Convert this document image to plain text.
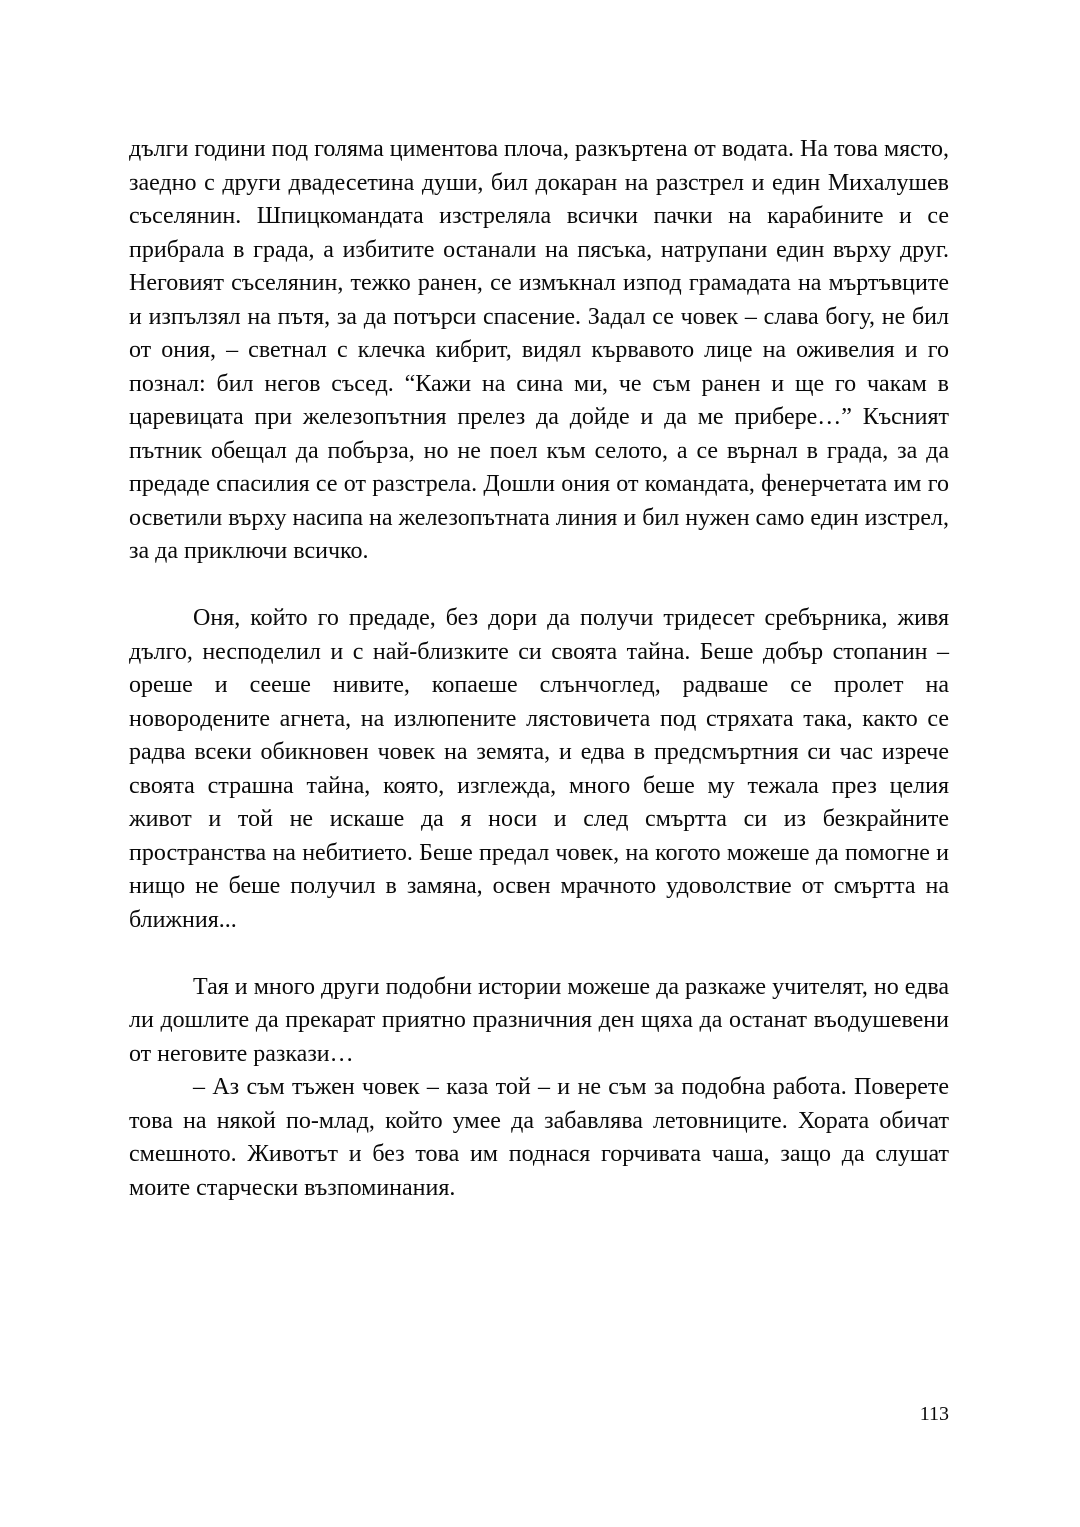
дълги години под голяма циментова плоча, разкъртена от водата. На това място, заедно с други двадесетина души, бил докаран на разстрел и един Михалушев съселянин. Шпицкомандата изстреляла всички пачки на карабините и се прибрала в града, а избитите останали на пясъка, натрупани един върху друг. Неговият съселянин, тежко ранен, се измъкнал изпод грамадата на мъртъвците и изпълзял на пътя, за да потърси спасение. Задал се човек – слава богу, не бил от ония, – светнал с клечка кибрит, видял кървавото лице на оживелия и го познал: бил негов съсед. “Кажи на сина ми, че съм ранен и ще го чакам в царевицата при железопътния прелез да дойде и да ме прибере…” Късният пътник обещал да побърза, но не поел към селото, а се върнал в града, за да предаде спасилия се от разстрела. Дошли ония от командата, фенерчетата им го осветили върху насипа на железопътната линия и бил нужен само един изстрел, за да приключи всичко.

Оня, който го предаде, без дори да получи тридесет сребърника, живя дълго, несподелил и с най-близките си своята тайна. Беше добър стопанин – ореше и сееше нивите, копаеше слънчоглед, радваше се пролет на новородените агнета, на излюпените лястовичета под стряхата така, както се радва всеки обикновен човек на земята, и едва в предсмъртния си час изрече своята страшна тайна, която, изглежда, много беше му тежала през целия живот и той не искаше да я носи и след смъртта си из безкрайните пространства на небитието. Беше предал човек, на когото можеше да помогне и нищо не беше получил в замяна, освен мрачното удоволствие от смъртта на ближния...

Тая и много други подобни истории можеше да разкаже учителят, но едва ли дошлите да прекарат приятно празничния ден щяха да останат въодушевени от неговите разкази…

– Аз съм тъжен човек – каза той – и не съм за подобна работа. Поверете това на някой по-млад, който умее да забавлява летовниците. Хората обичат смешното. Животът и без това им поднася горчивата чаша, защо да слушат моите старчески възпоминания.

113
